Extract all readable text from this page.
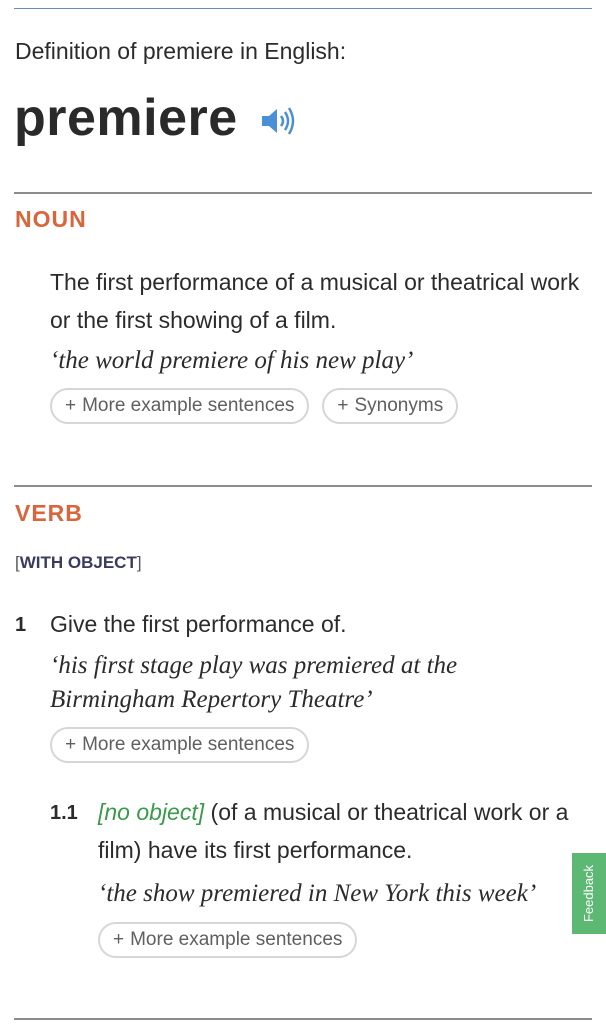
Definition of premiere in English:
premiere
NOUN
The first performance of a musical or theatrical work or the first showing of a film.
‘the world premiere of his new play’
+ More example sentences + Synonyms
VERB
[WITH OBJECT]
1 Give the first performance of.
‘his first stage play was premiered at the Birmingham Repertory Theatre’
+ More example sentences
1.1 [no object] (of a musical or theatrical work or a film) have its first performance.
‘the show premiered in New York this week’
+ More example sentences
Feedback
